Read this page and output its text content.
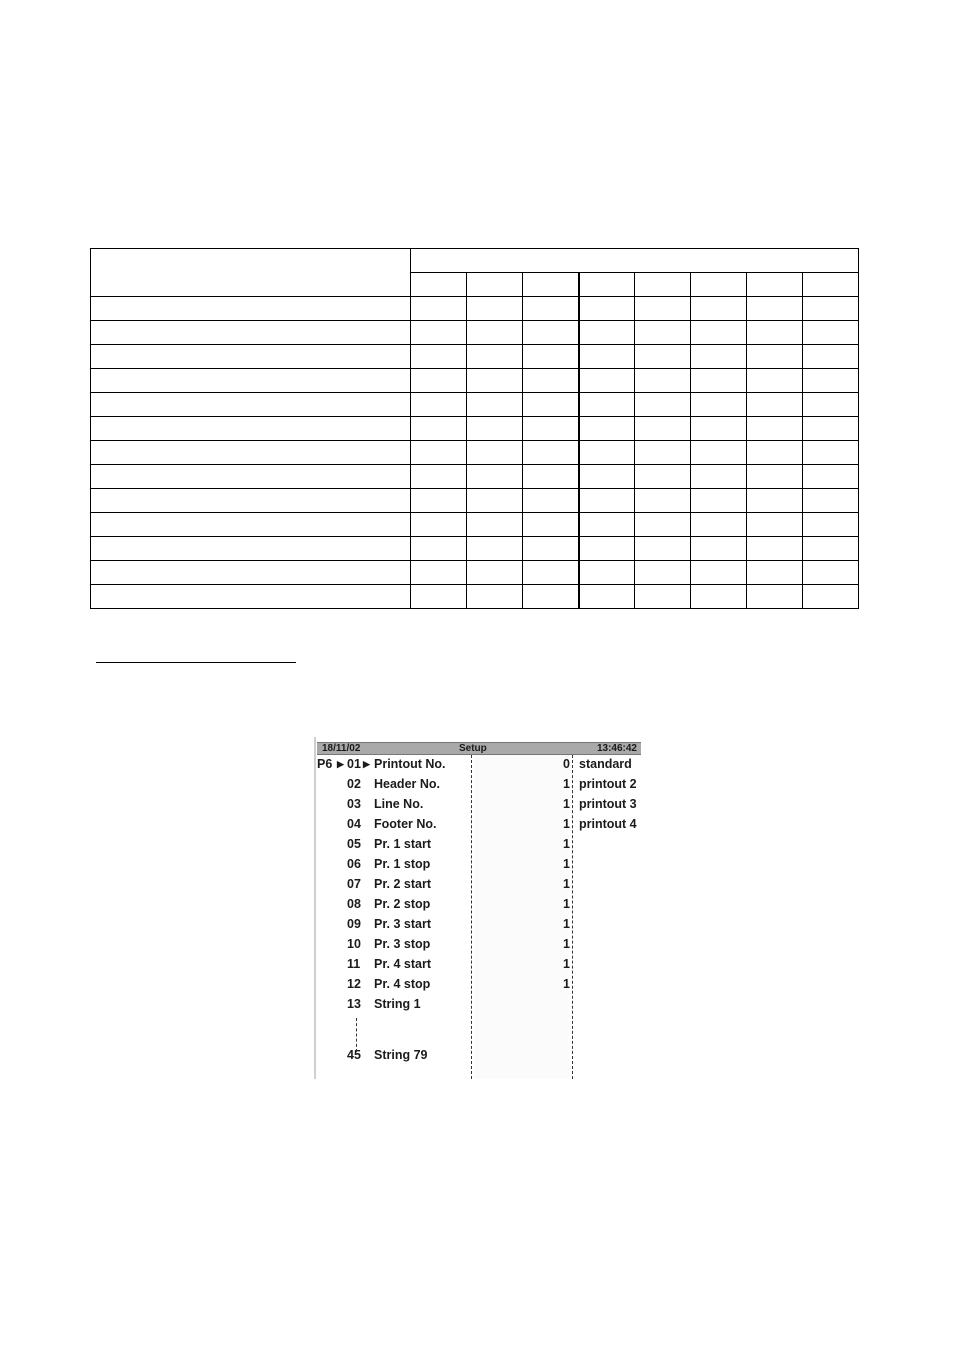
18/11/02	Setup	13:46:42
P6 ▶ ▶
01 Printout No.	0 standard
02 Header No.	1 printout 2
03 Line No.	1 printout 3
04 Footer No.	1 printout 4
05 Pr. 1 start	1
06 Pr. 1 stop	1
07 Pr. 2 start	1
08 Pr. 2 stop	1
09 Pr. 3 start	1
10 Pr. 3 stop	1
11 Pr. 4 start	1
12 Pr. 4 stop	1
13 String 1
45 String 79
